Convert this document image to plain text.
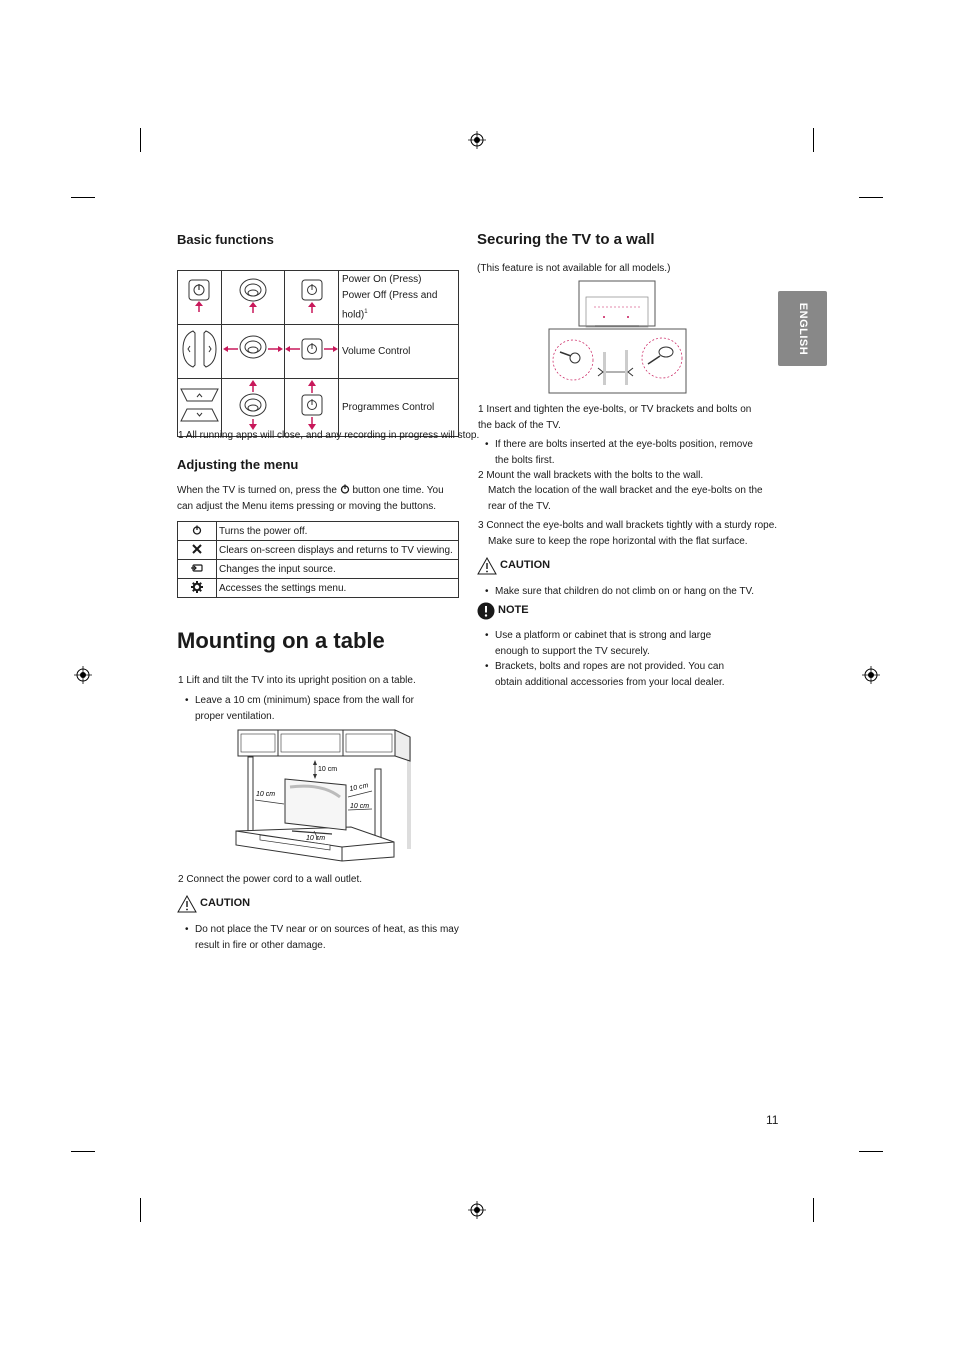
Basic functions
			Power On (Press)
Power Off (Press and hold)$^1$
			Volume Control
			Programmes Control
1 All running apps will close, and any recording in progress will stop.
Adjusting the menu
When the TV is turned on, press the button one time. You can adjust the Menu items pressing or moving the buttons.
	Turns the power off.
	Clears on-screen displays and returns to TV viewing.
	Changes the input source.
	Accesses the settings menu.
Mounting on a table
1 Lift and tilt the TV into its upright position on a table.
• Leave a 10 cm (minimum) space from the wall for proper ventilation.
10 cm
10 cm
10 cm
10 cm
10 cm
2 Connect the power cord to a wall outlet.
CAUTION
• Do not place the TV near or on sources of heat, as this may result in fire or other damage.
Securing the TV to a wall
(This feature is not available for all models.)
1 Insert and tighten the eye-bolts, or TV brackets and bolts on the back of the TV.
• If there are bolts inserted at the eye-bolts position, remove the bolts first.
2 Mount the wall brackets with the bolts to the wall.
Match the location of the wall bracket and the eye-bolts on the rear of the TV.
3 Connect the eye-bolts and wall brackets tightly with a sturdy rope.
Make sure to keep the rope horizontal with the flat surface.
CAUTION
• Make sure that children do not climb on or hang on the TV.
NOTE
• Use a platform or cabinet that is strong and large enough to support the TV securely.
• Brackets, bolts and ropes are not provided. You can obtain additional accessories from your local dealer.
ENGLISH
11
